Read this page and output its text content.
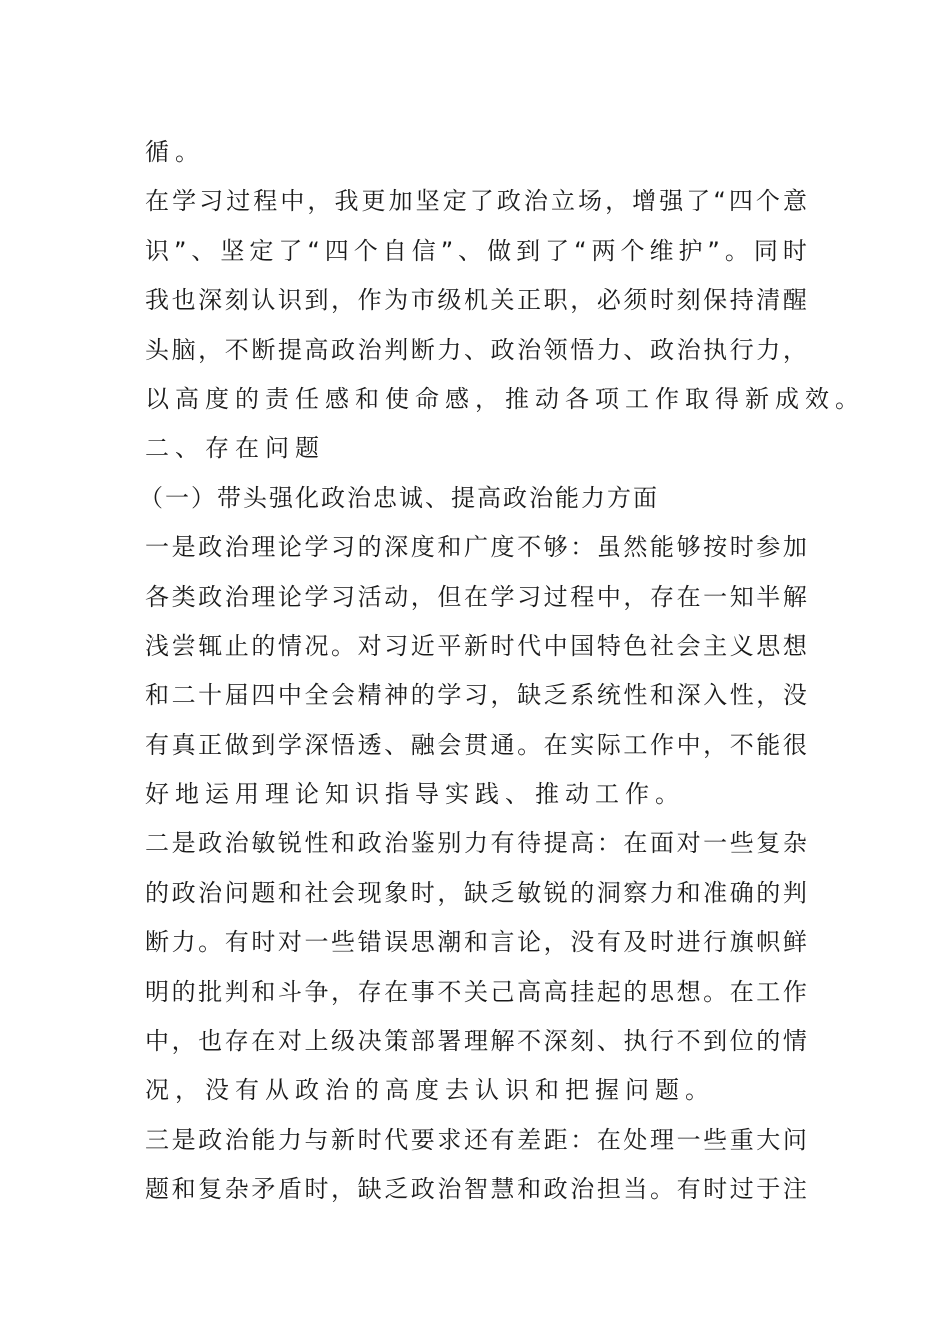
循。
在 学 习 过 程 中 ， 我 更 加 坚 定 了 政 治 立 场 ， 增 强 了 “ 四 个 意
识 ” 、 坚 定 了 “ 四 个 自 信 ” 、 做 到 了 “ 两 个 维 护 ” 。 同 时
我 也 深 刻 认 识 到 ， 作 为 市 级 机 关 正 职 ， 必 须 时 刻 保 持 清 醒
头 脑 ， 不 断 提 高 政 治 判 断 力 、 政 治 领 悟 力 、 政 治 执 行 力 ，
以高度的责任感和使命感，推动各项工作取得新成效。
二、存在问题
（一）带头强化政治忠诚、提高政治能力方面
一 是 政 治 理 论 学 习 的 深 度 和 广 度 不 够 ： 虽 然 能 够 按 时 参 加
各 类 政 治 理 论 学 习 活 动 ， 但 在 学 习 过 程 中 ， 存 在 一 知 半 解
浅 尝 辄 止 的 情 况 。 对 习 近 平 新 时 代 中 国 特 色 社 会 主 义 思 想
和 二 十 届 四 中 全 会 精 神 的 学 习 ， 缺 乏 系 统 性 和 深 入 性 ， 没
有 真 正 做 到 学 深 悟 透 、 融 会 贯 通 。 在 实 际 工 作 中 ， 不 能 很
好地运用理论知识指导实践、推动工作。
二 是 政 治 敏 锐 性 和 政 治 鉴 别 力 有 待 提 高 ： 在 面 对 一 些 复 杂
的 政 治 问 题 和 社 会 现 象 时 ， 缺 乏 敏 锐 的 洞 察 力 和 准 确 的 判
断 力 。 有 时 对 一 些 错 误 思 潮 和 言 论 ， 没 有 及 时 进 行 旗 帜 鲜
明 的 批 判 和 斗 争 ， 存 在 事 不 关 己 高 高 挂 起 的 思 想 。 在 工 作
中 ， 也 存 在 对 上 级 决 策 部 署 理 解 不 深 刻 、 执 行 不 到 位 的 情
况，没有从政治的高度去认识和把握问题。
三 是 政 治 能 力 与 新 时 代 要 求 还 有 差 距 ： 在 处 理 一 些 重 大 问
题 和 复 杂 矛 盾 时 ， 缺 乏 政 治 智 慧 和 政 治 担 当 。 有 时 过 于 注
